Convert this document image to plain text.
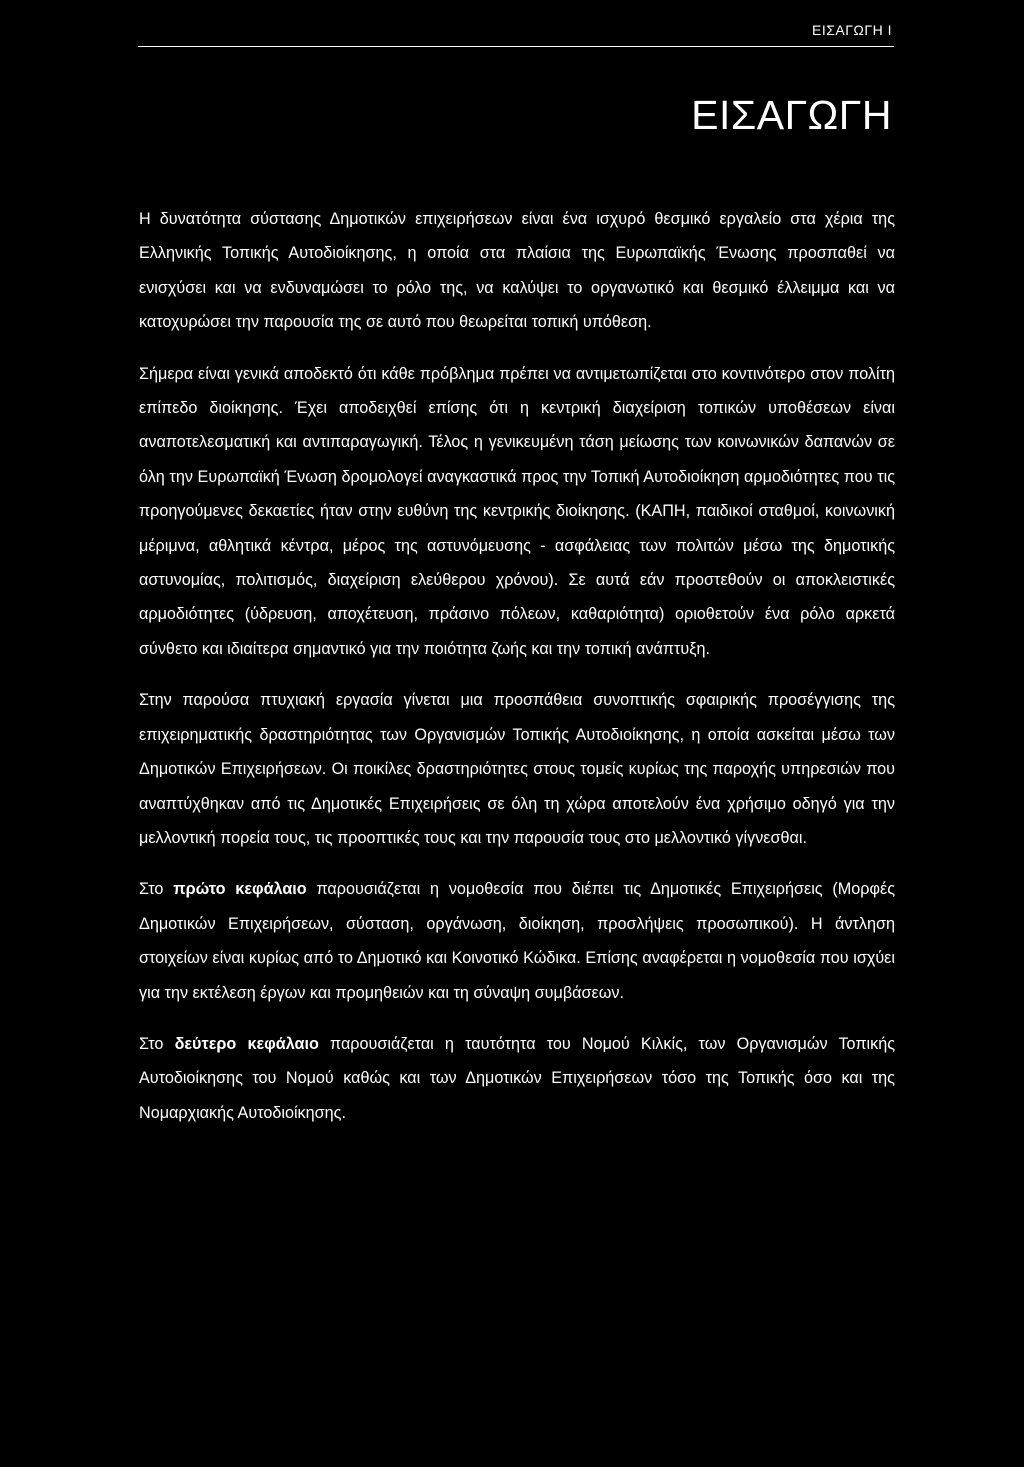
ΕΙΣΑΓΩΓΗ Ι
ΕΙΣΑΓΩΓΗ

Η δυνατότητα σύστασης Δημοτικών επιχειρήσεων είναι ένα ισχυρό θεσμικό εργαλείο στα χέρια της Ελληνικής Τοπικής Αυτοδιοίκησης, η οποία στα πλαίσια της Ευρωπαϊκής Ένωσης προσπαθεί να ενισχύσει και να ενδυναμώσει το ρόλο της, να καλύψει το οργανωτικό και θεσμικό έλλειμμα και να κατοχυρώσει την παρουσία της σε αυτό που θεωρείται τοπική υπόθεση.

Σήμερα είναι γενικά αποδεκτό ότι κάθε πρόβλημα πρέπει να αντιμετωπίζεται στο κοντινότερο στον πολίτη επίπεδο διοίκησης. Έχει αποδειχθεί επίσης ότι η κεντρική διαχείριση τοπικών υποθέσεων είναι αναποτελεσματική και αντιπαραγωγική. Τέλος η γενικευμένη τάση μείωσης των κοινωνικών δαπανών σε όλη την Ευρωπαϊκή Ένωση δρομολογεί αναγκαστικά προς την Τοπική Αυτοδιοίκηση αρμοδιότητες που τις προηγούμενες δεκαετίες ήταν στην ευθύνη της κεντρικής διοίκησης. (ΚΑΠΗ, παιδικοί σταθμοί, κοινωνική μέριμνα, αθλητικά κέντρα, μέρος της αστυνόμευσης - ασφάλειας των πολιτών μέσω της δημοτικής αστυνομίας, πολιτισμός, διαχείριση ελεύθερου χρόνου). Σε αυτά εάν προστεθούν οι αποκλειστικές αρμοδιότητες (ύδρευση, αποχέτευση, πράσινο πόλεων, καθαριότητα) οριοθετούν ένα ρόλο αρκετά σύνθετο και ιδιαίτερα σημαντικό για την ποιότητα ζωής και την τοπική ανάπτυξη.

Στην παρούσα πτυχιακή εργασία γίνεται μια προσπάθεια συνοπτικής σφαιρικής προσέγγισης της επιχειρηματικής δραστηριότητας των Οργανισμών Τοπικής Αυτοδιοίκησης, η οποία ασκείται μέσω των Δημοτικών Επιχειρήσεων. Οι ποικίλες δραστηριότητες στους τομείς κυρίως της παροχής υπηρεσιών που αναπτύχθηκαν από τις Δημοτικές Επιχειρήσεις σε όλη τη χώρα αποτελούν ένα χρήσιμο οδηγό για την μελλοντική πορεία τους, τις προοπτικές τους και την παρουσία τους στο μελλοντικό γίγνεσθαι.

Στο πρώτο κεφάλαιο παρουσιάζεται η νομοθεσία που διέπει τις Δημοτικές Επιχειρήσεις (Μορφές Δημοτικών Επιχειρήσεων, σύσταση, οργάνωση, διοίκηση, προσλήψεις προσωπικού). Η άντληση στοιχείων είναι κυρίως από το Δημοτικό και Κοινοτικό Κώδικα. Επίσης αναφέρεται η νομοθεσία που ισχύει για την εκτέλεση έργων και προμηθειών και τη σύναψη συμβάσεων.

Στο δεύτερο κεφάλαιο παρουσιάζεται η ταυτότητα του Νομού Κιλκίς, των Οργανισμών Τοπικής Αυτοδιοίκησης του Νομού καθώς και των Δημοτικών Επιχειρήσεων τόσο της Τοπικής όσο και της Νομαρχιακής Αυτοδιοίκησης.
